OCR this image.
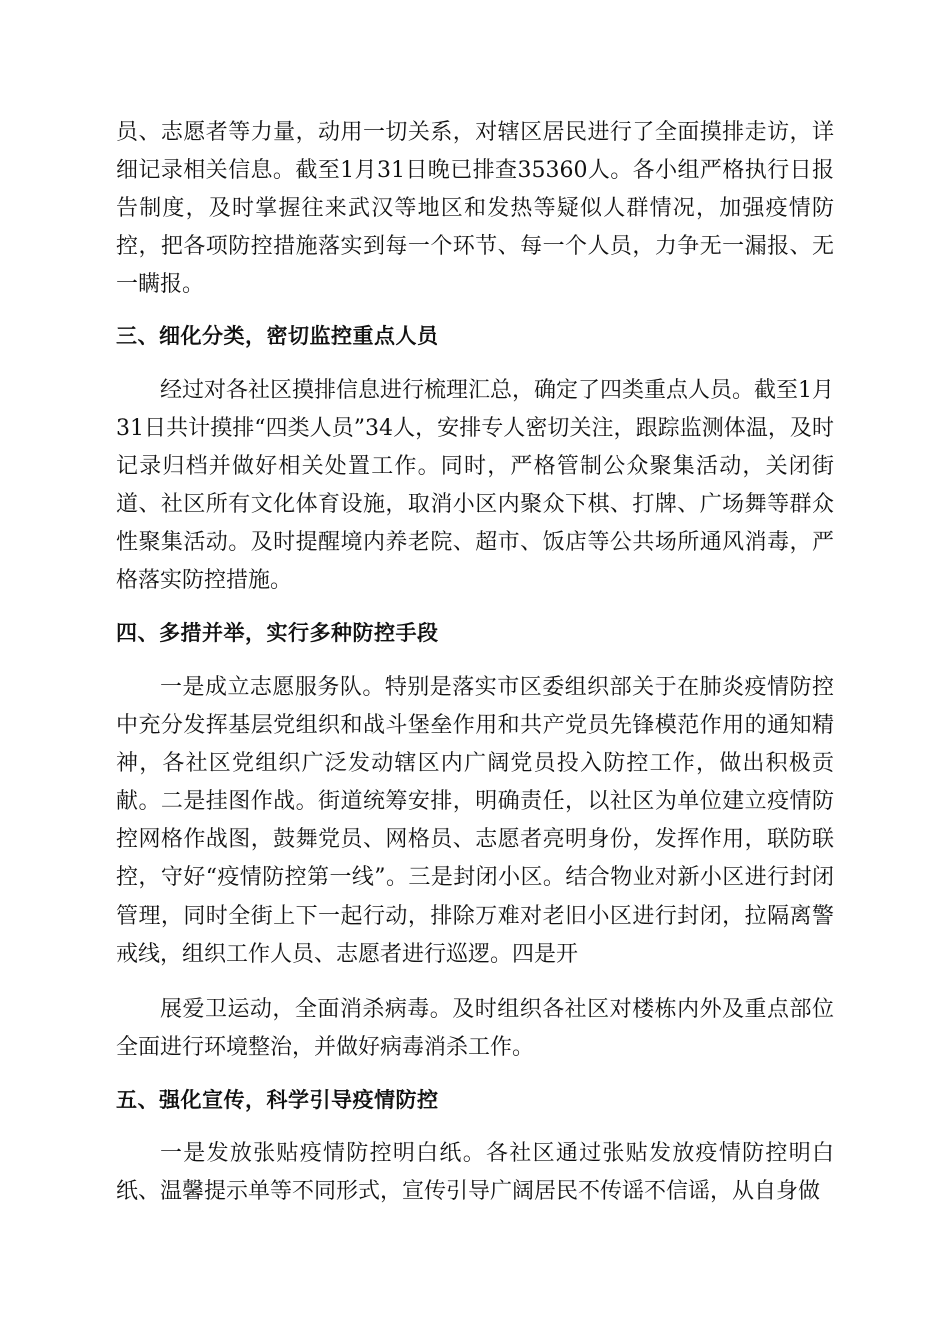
员、志愿者等力量，动用一切关系，对辖区居民进行了全面摸排走访，详细记录相关信息。截至1月31日晚已排查35360人。各小组严格执行日报告制度，及时掌握往来武汉等地区和发热等疑似人群情况，加强疫情防控，把各项防控措施落实到每一个环节、每一个人员，力争无一漏报、无一瞒报。

三、细化分类，密切监控重点人员

经过对各社区摸排信息进行梳理汇总，确定了四类重点人员。截至1月31日共计摸排“四类人员”34人，安排专人密切关注，跟踪监测体温，及时记录归档并做好相关处置工作。同时，严格管制公众聚集活动，关闭街道、社区所有文化体育设施，取消小区内聚众下棋、打牌、广场舞等群众性聚集活动。及时提醒境内养老院、超市、饭店等公共场所通风消毒，严格落实防控措施。

四、多措并举，实行多种防控手段

一是成立志愿服务队。特别是落实市区委组织部关于在肺炎疫情防控中充分发挥基层党组织和战斗堡垒作用和共产党员先锋模范作用的通知精神，各社区党组织广泛发动辖区内广阔党员投入防控工作，做出积极贡献。二是挂图作战。街道统筹安排，明确责任，以社区为单位建立疫情防控网格作战图，鼓舞党员、网格员、志愿者亮明身份，发挥作用，联防联控，守好“疫情防控第一线”。三是封闭小区。结合物业对新小区进行封闭管理，同时全街上下一起行动，排除万难对老旧小区进行封闭，拉隔离警戒线，组织工作人员、志愿者进行巡逻。四是开

展爱卫运动，全面消杀病毒。及时组织各社区对楼栋内外及重点部位全面进行环境整治，并做好病毒消杀工作。

五、强化宣传，科学引导疫情防控

一是发放张贴疫情防控明白纸。各社区通过张贴发放疫情防控明白纸、温馨提示单等不同形式，宣传引导广阔居民不传谣不信谣，从自身做
